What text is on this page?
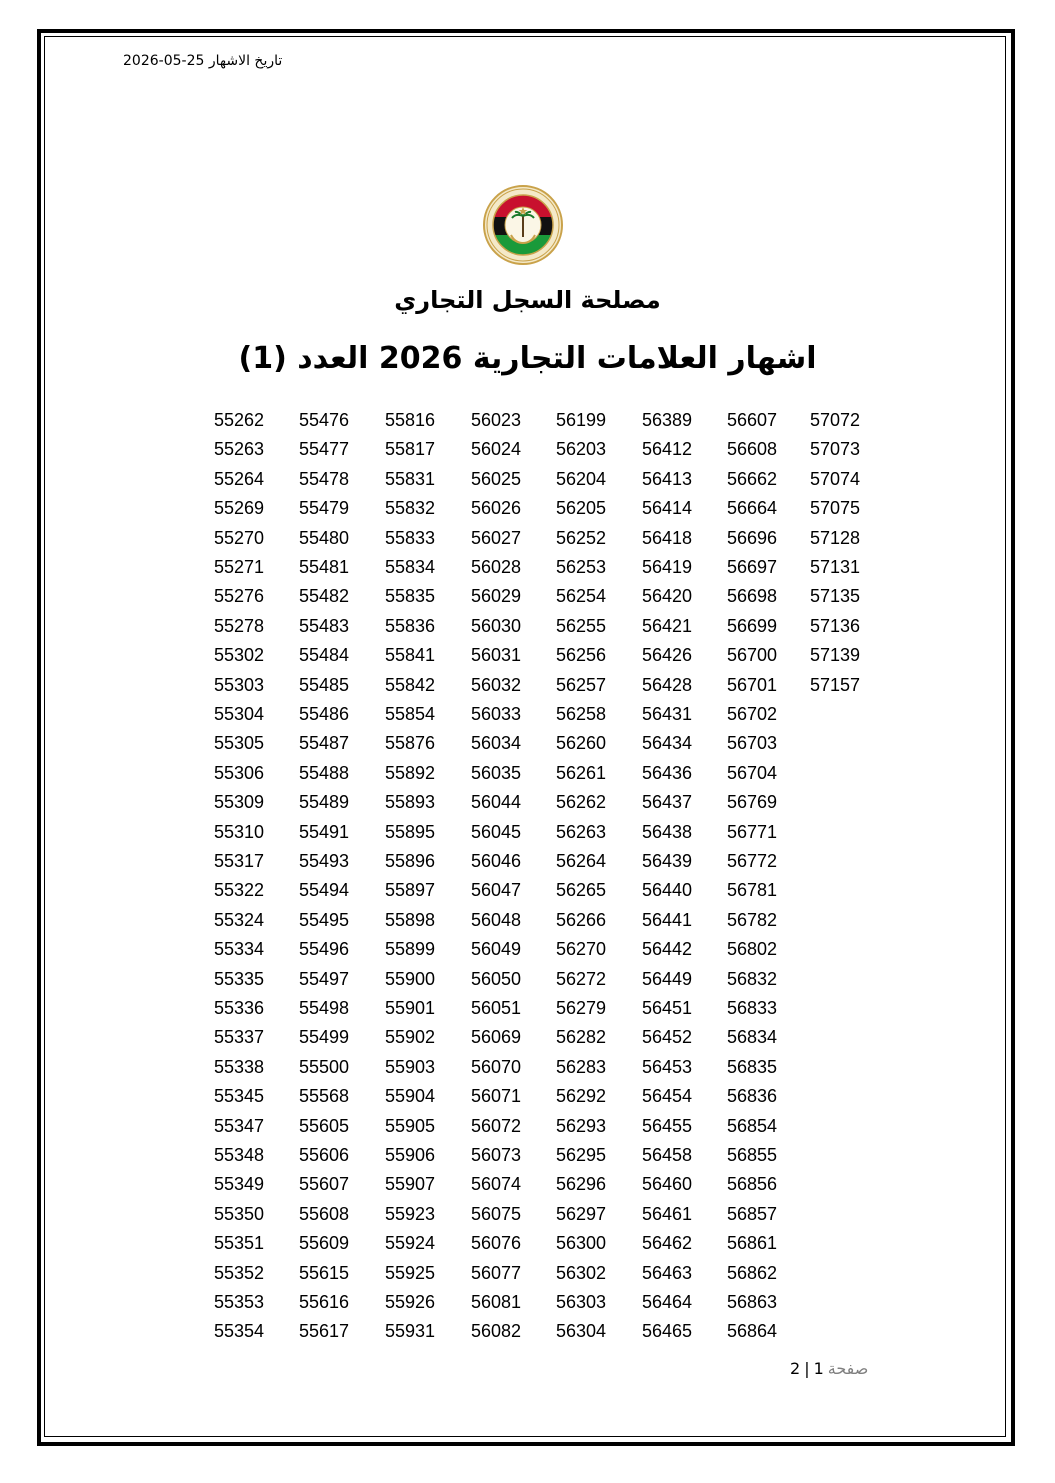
تاريخ الاشهار 25-05-2026
مصلحة السجل التجاري
اشهار العلامات التجارية 2026 العدد (1)
55262
55263
55264
55269
55270
55271
55276
55278
55302
55303
55304
55305
55306
55309
55310
55317
55322
55324
55334
55335
55336
55337
55338
55345
55347
55348
55349
55350
55351
55352
55353
55354
55476
55477
55478
55479
55480
55481
55482
55483
55484
55485
55486
55487
55488
55489
55491
55493
55494
55495
55496
55497
55498
55499
55500
55568
55605
55606
55607
55608
55609
55615
55616
55617
55816
55817
55831
55832
55833
55834
55835
55836
55841
55842
55854
55876
55892
55893
55895
55896
55897
55898
55899
55900
55901
55902
55903
55904
55905
55906
55907
55923
55924
55925
55926
55931
56023
56024
56025
56026
56027
56028
56029
56030
56031
56032
56033
56034
56035
56044
56045
56046
56047
56048
56049
56050
56051
56069
56070
56071
56072
56073
56074
56075
56076
56077
56081
56082
56199
56203
56204
56205
56252
56253
56254
56255
56256
56257
56258
56260
56261
56262
56263
56264
56265
56266
56270
56272
56279
56282
56283
56292
56293
56295
56296
56297
56300
56302
56303
56304
56389
56412
56413
56414
56418
56419
56420
56421
56426
56428
56431
56434
56436
56437
56438
56439
56440
56441
56442
56449
56451
56452
56453
56454
56455
56458
56460
56461
56462
56463
56464
56465
56607
56608
56662
56664
56696
56697
56698
56699
56700
56701
56702
56703
56704
56769
56771
56772
56781
56782
56802
56832
56833
56834
56835
56836
56854
56855
56856
56857
56861
56862
56863
56864
57072
57073
57074
57075
57128
57131
57135
57136
57139
57157
2 | 1 صفحة
